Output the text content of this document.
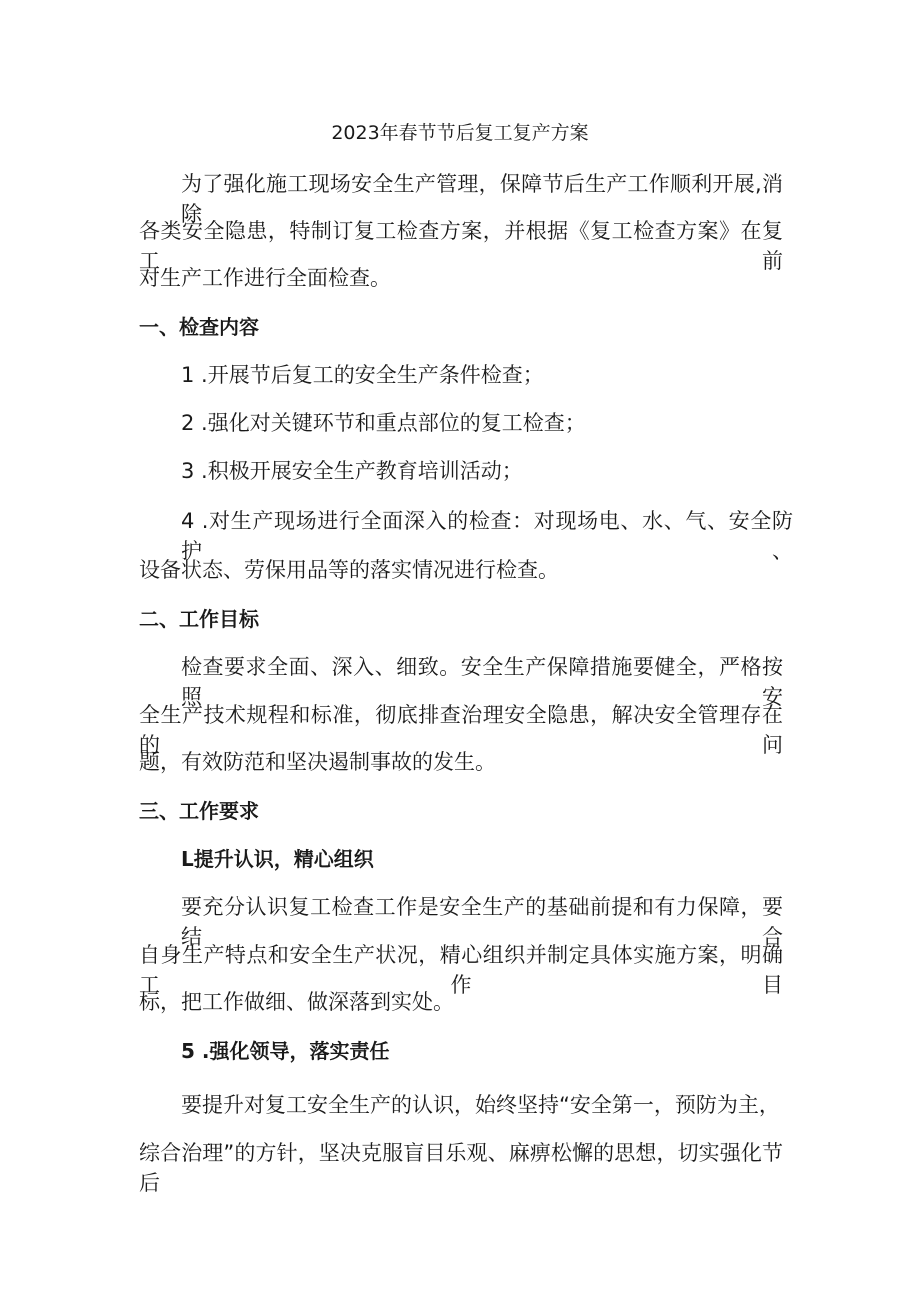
2023年春节节后复工复产方案
为了强化施工现场安全生产管理，保障节后生产工作顺利开展,消除
各类安全隐患，特制订复工检查方案，并根据《复工检查方案》在复工前
对生产工作进行全面检查。
一、检查内容
1 .开展节后复工的安全生产条件检查；
2 .强化对关键环节和重点部位的复工检查；
3 .积极开展安全生产教育培训活动；
4 .对生产现场进行全面深入的检查：对现场电、水、气、安全防护、
设备状态、劳保用品等的落实情况进行检查。
二、工作目标
检查要求全面、深入、细致。安全生产保障措施要健全，严格按照安
全生产技术规程和标准，彻底排查治理安全隐患，解决安全管理存在的问
题，有效防范和坚决遏制事故的发生。
三、工作要求
L提升认识，精心组织
要充分认识复工检查工作是安全生产的基础前提和有力保障，要结合
自身生产特点和安全生产状况，精心组织并制定具体实施方案，明确工作目
标，把工作做细、做深落到实处。
5 .强化领导，落实责任
要提升对复工安全生产的认识，始终坚持“安全第一，预防为主，
综合治理”的方针，坚决克服盲目乐观、麻痹松懈的思想，切实强化节后
